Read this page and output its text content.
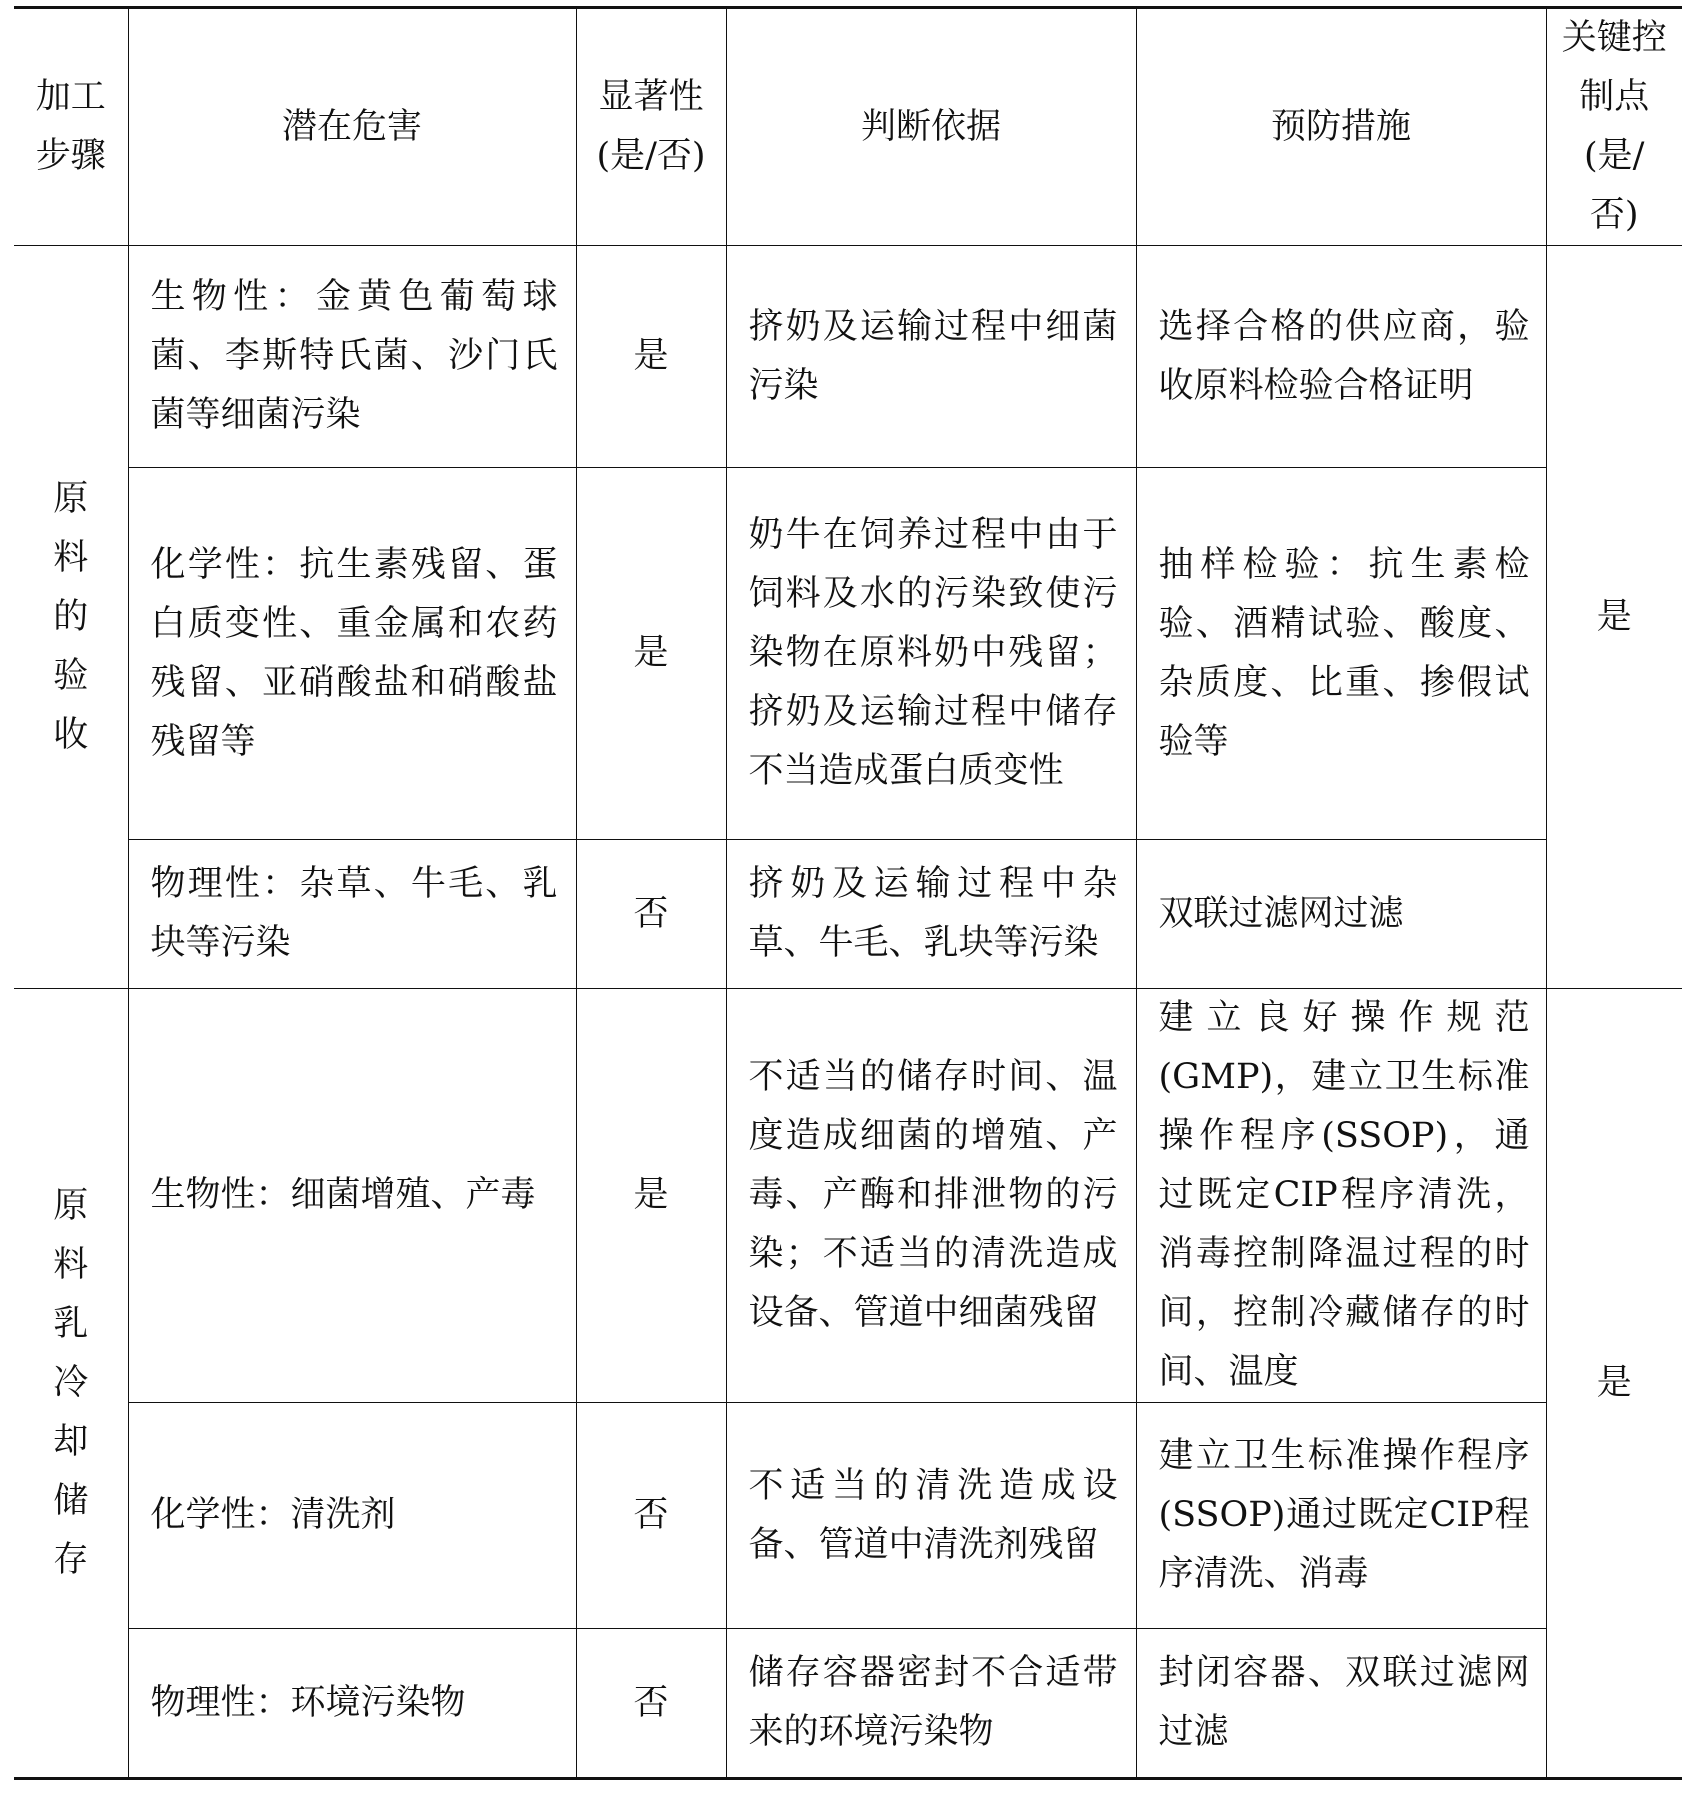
加工步骤	潜在危害	显著性(是/否)	判断依据	预防措施	关键控制点(是/否)
原料的验收	生物性：金黄色葡萄球菌、李斯特氏菌、沙门氏菌等细菌污染	是	挤奶及运输过程中细菌污染	选择合格的供应商，验收原料检验合格证明	是
	化学性：抗生素残留、蛋白质变性、重金属和农药残留、亚硝酸盐和硝酸盐残留等	是	奶牛在饲养过程中由于饲料及水的污染致使污染物在原料奶中残留；挤奶及运输过程中储存不当造成蛋白质变性	抽样检验：抗生素检验、酒精试验、酸度、杂质度、比重、掺假试验等	
	物理性：杂草、牛毛、乳块等污染	否	挤奶及运输过程中杂草、牛毛、乳块等污染	双联过滤网过滤	
原料乳冷却储存	生物性：细菌增殖、产毒	是	不适当的储存时间、温度造成细菌的增殖、产毒、产酶和排泄物的污染；不适当的清洗造成设备、管道中细菌残留	建立良好操作规范(GMP)，建立卫生标准操作程序(SSOP)，通过既定CIP程序清洗，消毒控制降温过程的时间，控制冷藏储存的时间、温度	是
	化学性：清洗剂	否	不适当的清洗造成设备、管道中清洗剂残留	建立卫生标准操作程序(SSOP)通过既定CIP程序清洗、消毒	
	物理性：环境污染物	否	储存容器密封不合适带来的环境污染物	封闭容器、双联过滤网过滤	
